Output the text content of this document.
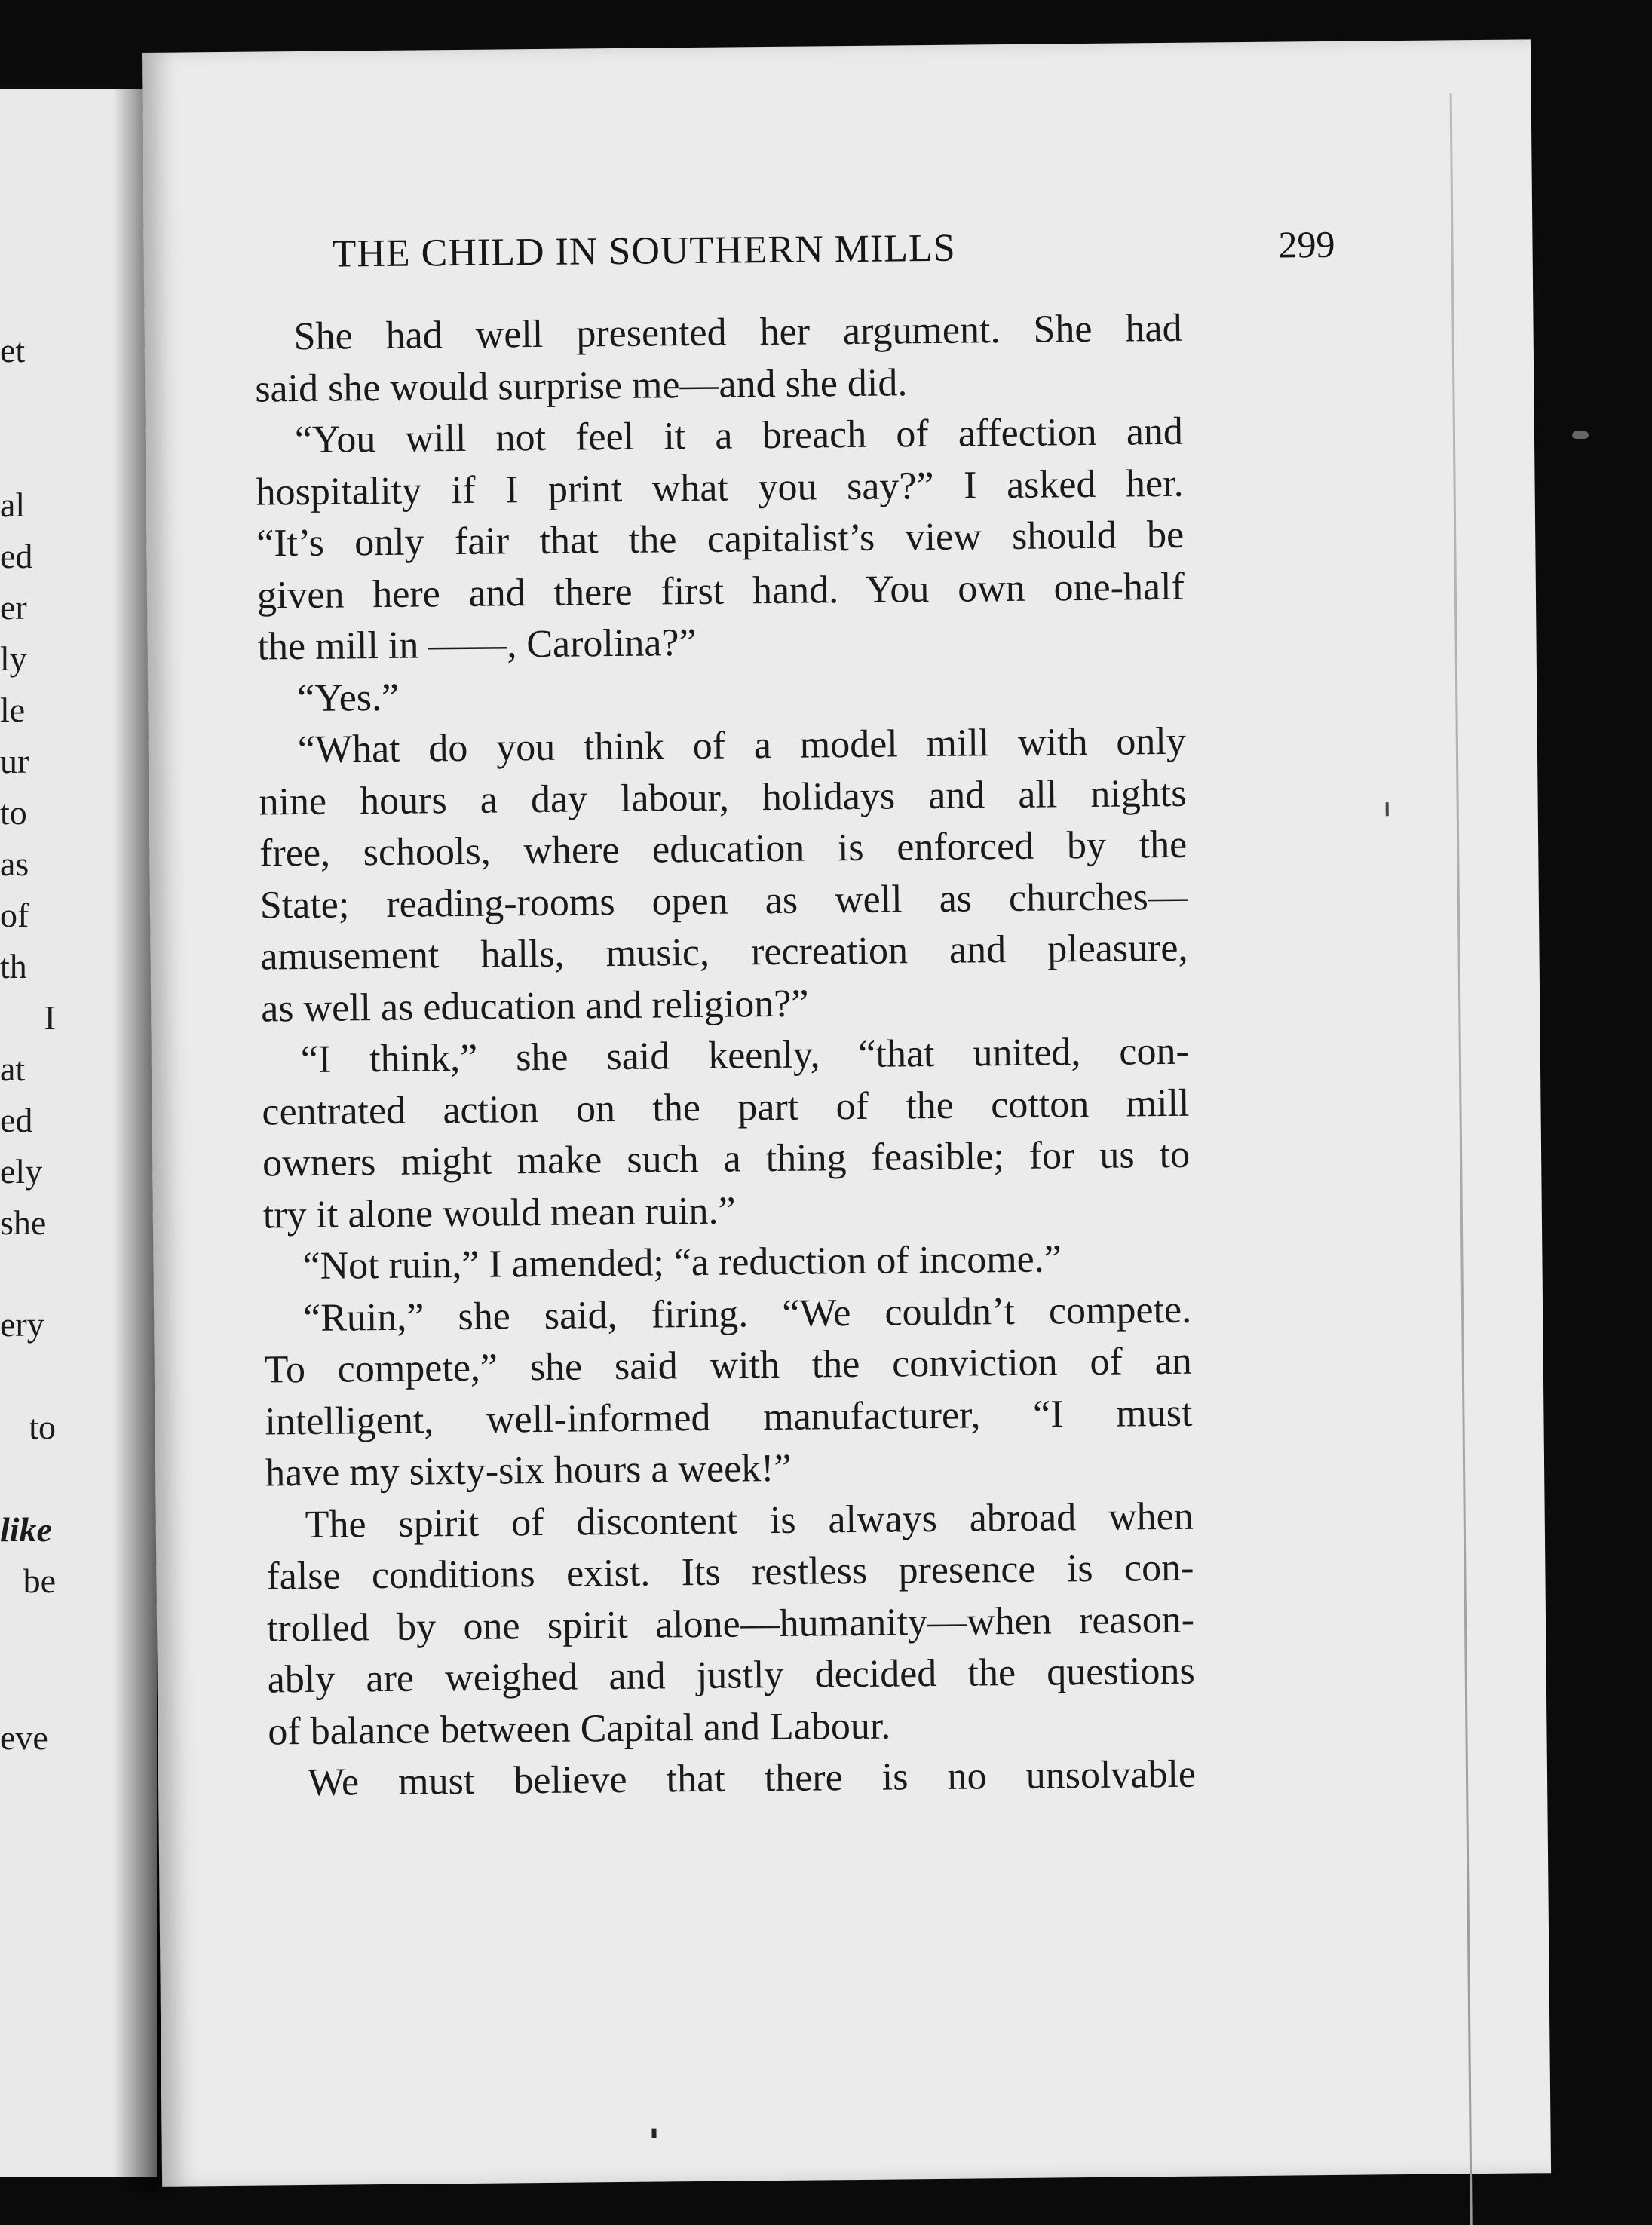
et
al
ed
er
ly
le
ur
to
as
of
th
I
at
ed
ely
she
ery
to
like
be
eve
THE CHILD IN SOUTHERN MILLS	299
She had well presented her argument. She had
said she would surprise me—and she did.
“You will not feel it a breach of affection and
hospitality if I print what you say?” I asked her.
“It’s only fair that the capitalist’s view should be
given here and there first hand. You own one-half
the mill in ——, Carolina?”
“Yes.”
“What do you think of a model mill with only
nine hours a day labour, holidays and all nights
free, schools, where education is enforced by the
State; reading-rooms open as well as churches—
amusement halls, music, recreation and pleasure,
as well as education and religion?”
“I think,” she said keenly, “that united, con-
centrated action on the part of the cotton mill
owners might make such a thing feasible; for us to
try it alone would mean ruin.”
“Not ruin,” I amended; “a reduction of income.”
“Ruin,” she said, firing. “We couldn’t compete.
To compete,” she said with the conviction of an
intelligent, well-informed manufacturer, “I must
have my sixty-six hours a week!”
The spirit of discontent is always abroad when
false conditions exist. Its restless presence is con-
trolled by one spirit alone—humanity—when reason-
ably are weighed and justly decided the questions
of balance between Capital and Labour.
We must believe that there is no unsolvable
